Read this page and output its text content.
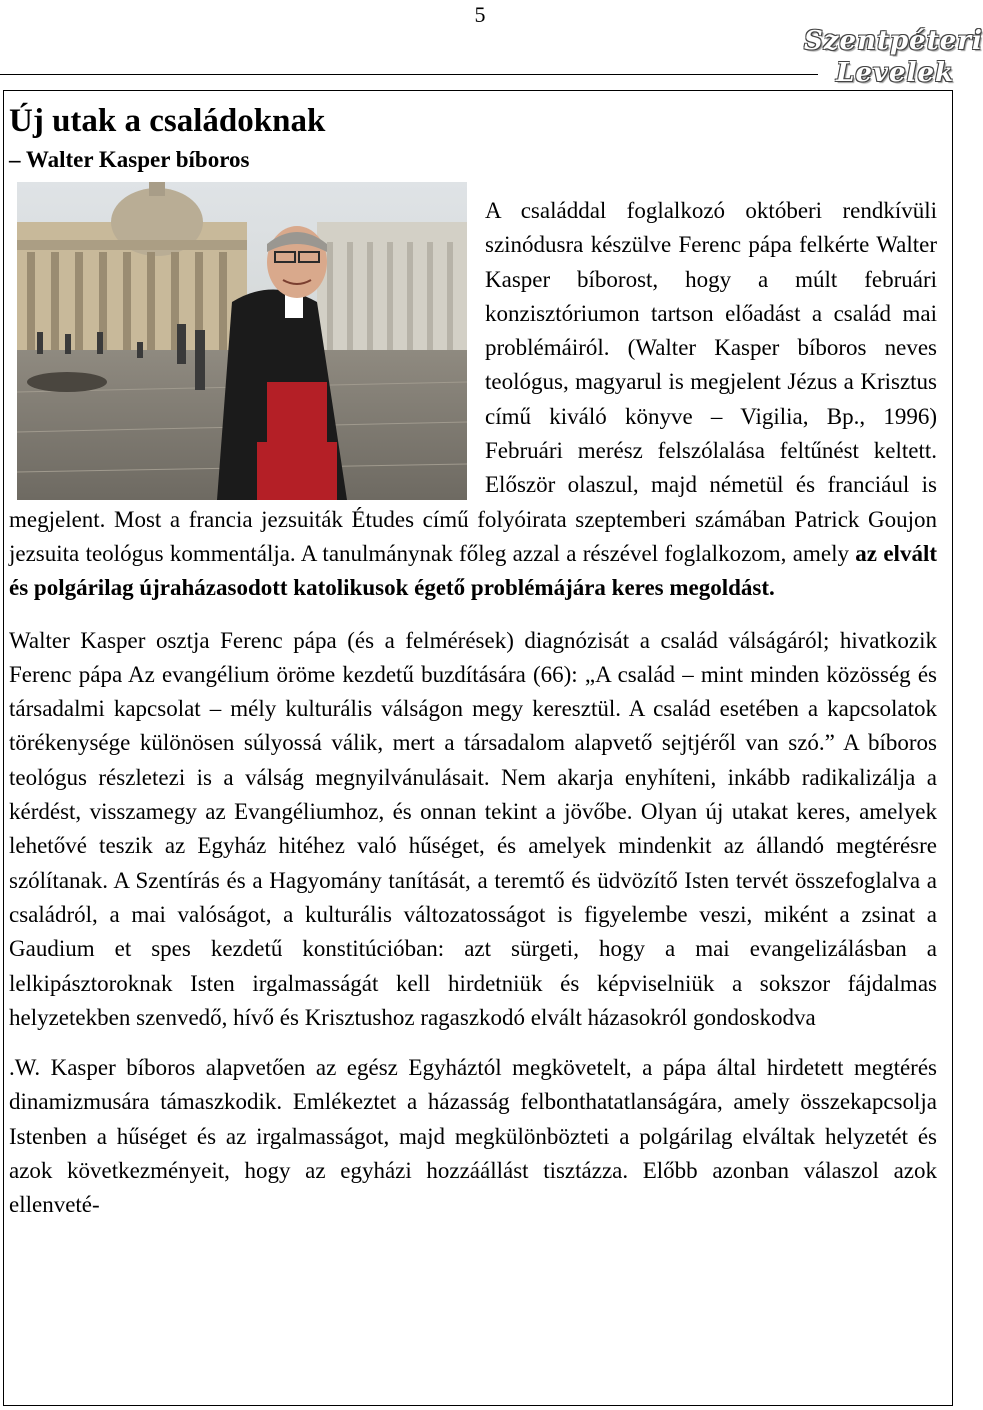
5
Szentpéteri
Levelek
Új utak a családoknak

– Walter Kasper bíboros

A családdal foglalkozó októberi rendkívüli szinódusra készülve Ferenc pápa felkérte Walter Kasper bíborost, hogy a múlt februári konzisztóriumon tartson előadást a család mai problémáiról. (Walter Kasper bíboros neves teológus, magyarul is megjelent Jézus a Krisztus című kiváló könyve – Vigilia, Bp., 1996) Februári merész felszólalása feltűnést keltett. Először olaszul, majd németül és franciául is megjelent. Most a francia jezsuiták Études című folyóirata szeptemberi számában Patrick Goujon jezsuita teológus kommentálja. A tanulmánynak főleg azzal a részével foglalkozom, amely az elvált és polgárilag újraházasodott katolikusok égető problémájára keres megoldást.

Walter Kasper osztja Ferenc pápa (és a felmérések) diagnózisát a család válságáról; hivatkozik Ferenc pápa Az evangélium öröme kezdetű buzdítására (66): „A család – mint minden közösség és társadalmi kapcsolat – mély kulturális válságon megy keresztül. A család esetében a kapcsolatok törékenysége különösen súlyossá válik, mert a társadalom alapvető sejtjéről van szó.” A bíboros teológus részletezi is a válság megnyilvánulásait. Nem akarja enyhíteni, inkább radikalizálja a kérdést, visszamegy az Evangéliumhoz, és onnan tekint a jövőbe. Olyan új utakat keres, amelyek lehetővé teszik az Egyház hitéhez való hűséget, és amelyek mindenkit az állandó megtérésre szólítanak. A Szentírás és a Hagyomány tanítását, a teremtő és üdvözítő Isten tervét összefoglalva a családról, a mai valóságot, a kulturális változatosságot is figyelembe veszi, miként a zsinat a Gaudium et spes kezdetű konstitúcióban: azt sürgeti, hogy a mai evangelizálásban a lelkipásztoroknak Isten irgalmasságát kell hirdetniük és képviselniük a sokszor fájdalmas helyzetekben szenvedő, hívő és Krisztushoz ragaszkodó elvált házasokról gondoskodva

.W. Kasper bíboros alapvetően az egész Egyháztól megkövetelt, a pápa által hirdetett megtérés dinamizmusára támaszkodik. Emlékeztet a házasság felbonthatatlanságára, amely összekapcsolja Istenben a hűséget és az irgalmasságot, majd megkülönbözteti a polgárilag elváltak helyzetét és azok következményeit, hogy az egyházi hozzáállást tisztázza. Előbb azonban válaszol azok ellenveté-
